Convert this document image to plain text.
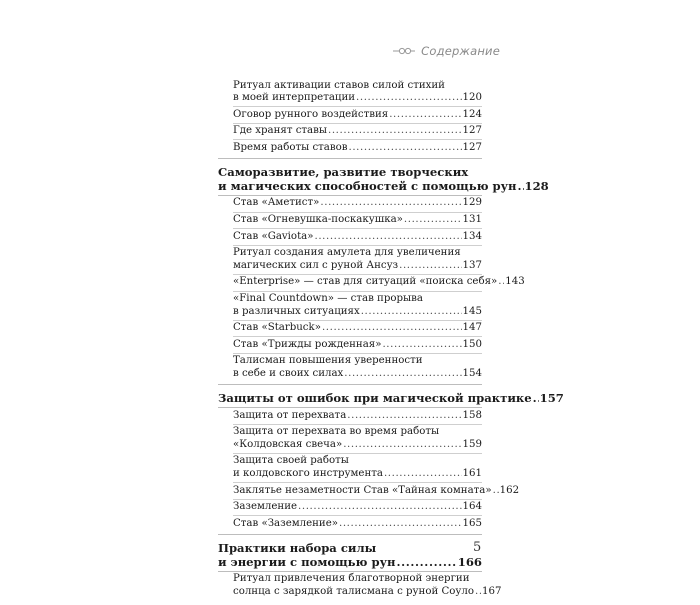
Содержание
Ритуал активации ставов силой стихий
в моей интерпретации .....	120
Оговор рунного воздействия .....	124
Где хранят ставы .....	127
Время работы ставов .....	127
Саморазвитие, развитие творческих
и магических способностей с помощью рун ..... 128
Став «Аметист» .....	129
Став «Огневушка-поскакушка» .....	131
Став «Gaviota» .....	134
Ритуал создания амулета для увеличения
магических сил с руной Ансуз .....	137
«Enterprise» — став для ситуаций «поиска себя» ..... 143
«Final Countdown» — став прорыва
в различных ситуациях .....	145
Став «Starbuck» .....	147
Став «Трижды рожденная» .....	150
Талисман повышения уверенности
в себе и своих силах .....	154
Защиты от ошибок при магической практике ..... 157
Защита от перехвата .....	158
Защита от перехвата во время работы
«Колдовская свеча» .....	159
Защита своей работы
и колдовского инструмента .....	161
Заклятье незаметности Став «Тайная комната» ..... 162
Заземление .....	164
Став «Заземление» .....	165
Практики набора силы
и энергии с помощью рун .....	166
Ритуал привлечения благотворной энергии
солнца с зарядкой талисмана с руной Соуло ..... 167
5
